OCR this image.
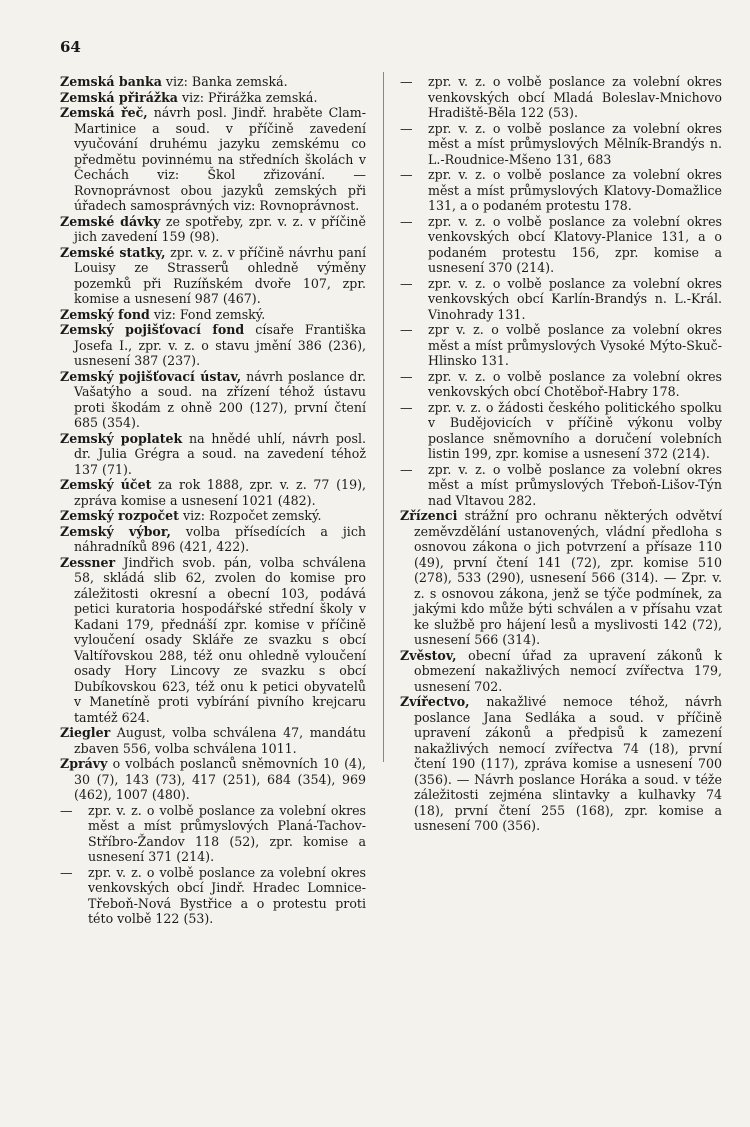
64

Zemská banka viz: Banka zemská.

Zemská přirážka viz: Přirážka zemská.

Zemská řeč, návrh posl. Jindř. hraběte Clam-Martinice a soud. v příčině zavedení vyučování druhému jazyku zemskému co předmětu povinnému na středních školách v Čechách viz: Škol zřizování. — Rovnoprávnost obou jazyků zemských při úřadech samosprávných viz: Rovnoprávnost.

Zemské dávky ze spotřeby, zpr. v. z. v příčině jich zavedení 159 (98).

Zemské statky, zpr. v. z. v příčině návrhu paní Louisy ze Strasserů ohledně výměny pozemků při Ruzíňském dvoře 107, zpr. komise a usnesení 987 (467).

Zemský fond viz: Fond zemský.

Zemský pojišťovací fond císaře Františka Josefa I., zpr. v. z. o stavu jmění 386 (236), usnesení 387 (237).

Zemský pojišťovací ústav, návrh poslance dr. Vašatýho a soud. na zřízení téhož ústavu proti škodám z ohně 200 (127), první čtení 685 (354).

Zemský poplatek na hnědé uhlí, návrh posl. dr. Julia Grégra a soud. na zavedení téhož 137 (71).

Zemský účet za rok 1888, zpr. v. z. 77 (19), zpráva komise a usnesení 1021 (482).

Zemský rozpočet viz: Rozpočet zemský.

Zemský výbor, volba přísedících a jich náhradníků 896 (421, 422).

Zessner Jindřich svob. pán, volba schválena 58, skládá slib 62, zvolen do komise pro záležitosti okresní a obecní 103, podává petici kuratoria hospodářské střední školy v Kadani 179, přednáší zpr. komise v příčině vyloučení osady Skláře ze svazku s obcí Valtířovskou 288, též onu ohledně vyloučení osady Hory Lincovy ze svazku s obcí Dubíkovskou 623, též onu k petici obyvatelů v Manetíně proti vybírání pivního krejcaru tamtéž 624.

Ziegler August, volba schválena 47, mandátu zbaven 556, volba schválena 1011.

Zprávy o volbách poslanců sněmovních 10 (4), 30 (7), 143 (73), 417 (251), 684 (354), 969 (462), 1007 (480).

— zpr. v. z. o volbě poslance za volební okres měst a míst průmyslových Planá-Tachov-Stříbro-Žandov 118 (52), zpr. komise a usnesení 371 (214).

— zpr. v. z. o volbě poslance za volební okres venkovských obcí Jindř. Hradec Lomnice-Třeboň-Nová Bystřice a o protestu proti této volbě 122 (53).

— zpr. v. z. o volbě poslance za volební okres venkovských obcí Mladá Boleslav-Mnichovo Hradiště-Běla 122 (53).

— zpr. v. z. o volbě poslance za volební okres měst a míst průmyslových Mělník-Brandýs n. L.-Roudnice-Mšeno 131, 683

— zpr. v. z. o volbě poslance za volební okres měst a míst průmyslových Klatovy-Domažlice 131, a o podaném protestu 178.

— zpr. v. z. o volbě poslance za volební okres venkovských obcí Klatovy-Planice 131, a o podaném protestu 156, zpr. komise a usnesení 370 (214).

— zpr. v. z. o volbě poslance za volební okres venkovských obcí Karlín-Brandýs n. L.-Král. Vinohrady 131.

— zpr v. z. o volbě poslance za volební okres měst a míst průmyslových Vysoké Mýto-Skuč-Hlinsko 131.

— zpr. v. z. o volbě poslance za volební okres venkovských obcí Chotěboř-Habry 178.

— zpr. v. z. o žádosti českého politického spolku v Budějovicích v příčině výkonu volby poslance sněmovního a doručení volebních listin 199, zpr. komise a usnesení 372 (214).

— zpr. v. z. o volbě poslance za volební okres měst a míst průmyslových Třeboň-Lišov-Týn nad Vltavou 282.

Zřízenci strážní pro ochranu některých odvětví zeměvzdělání ustanovených, vládní předloha s osnovou zákona o jich potvrzení a přísaze 110 (49), první čtení 141 (72), zpr. komise 510 (278), 533 (290), usnesení 566 (314). — Zpr. v. z. s osnovou zákona, jenž se týče podmínek, za jakými kdo může býti schválen a v přísahu vzat ke službě pro hájení lesů a myslivosti 142 (72), usnesení 566 (314).

Zvěstov, obecní úřad za upravení zákonů k obmezení nakažlivých nemocí zvířectva 179, usnesení 702.

Zvířectvo, nakažlivé nemoce téhož, návrh poslance Jana Sedláka a soud. v příčině upravení zákonů a předpisů k zamezení nakažlivých nemocí zvířectva 74 (18), první čtení 190 (117), zpráva komise a usnesení 700 (356). — Návrh poslance Horáka a soud. v téže záležitosti zejména slintavky a kulhavky 74 (18), první čtení 255 (168), zpr. komise a usnesení 700 (356).
